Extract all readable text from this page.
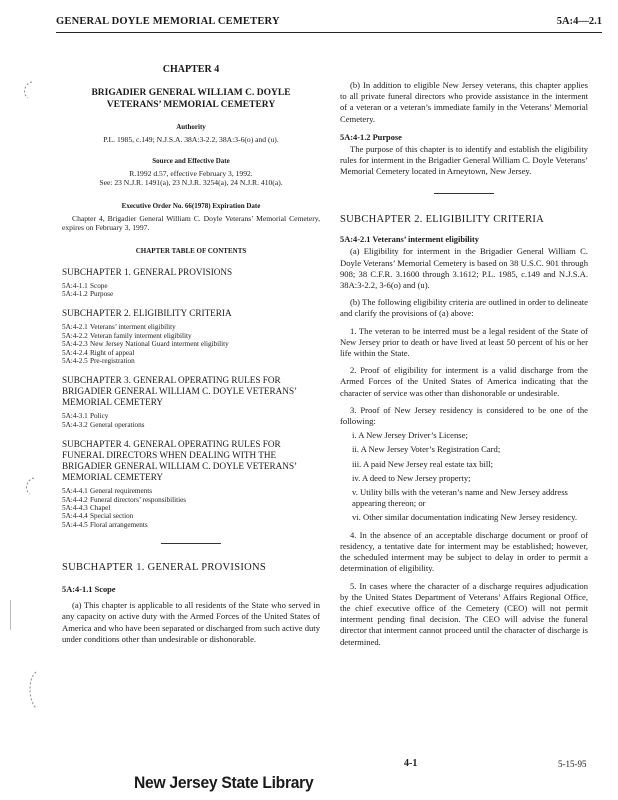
GENERAL DOYLE MEMORIAL CEMETERY	5A:4—2.1
CHAPTER 4
BRIGADIER GENERAL WILLIAM C. DOYLE
VETERANS’ MEMORIAL CEMETERY
Authority
P.L. 1985, c.149; N.J.S.A. 38A:3-2.2, 38A:3-6(o) and (u).
Source and Effective Date
R.1992 d.57, effective February 3, 1992.
See: 23 N.J.R. 1491(a), 23 N.J.R. 3254(a), 24 N.J.R. 410(a).
Executive Order No. 66(1978) Expiration Date
Chapter 4, Brigadier General William C. Doyle Veterans’ Memorial Cemetery, expires on February 3, 1997.
CHAPTER TABLE OF CONTENTS
SUBCHAPTER 1. GENERAL PROVISIONS
5A:4-1.1 Scope
5A:4-1.2 Purpose
SUBCHAPTER 2. ELIGIBILITY CRITERIA
5A:4-2.1 Veterans’ interment eligibility
5A:4-2.2 Veteran family interment eligibility
5A:4-2.3 New Jersey National Guard interment eligibility
5A:4-2.4 Right of appeal
5A:4-2.5 Pre-registration
SUBCHAPTER 3. GENERAL OPERATING RULES FOR BRIGADIER GENERAL WILLIAM C. DOYLE VETERANS’ MEMORIAL CEMETERY
5A:4-3.1 Policy
5A:4-3.2 General operations
SUBCHAPTER 4. GENERAL OPERATING RULES FOR FUNERAL DIRECTORS WHEN DEALING WITH THE BRIGADIER GENERAL WILLIAM C. DOYLE VETERANS’ MEMORIAL CEMETERY
5A:4-4.1 General requirements
5A:4-4.2 Funeral directors’ responsibilities
5A:4-4.3 Chapel
5A:4-4.4 Special section
5A:4-4.5 Floral arrangements
SUBCHAPTER 1. GENERAL PROVISIONS
5A:4-1.1 Scope

(a) This chapter is applicable to all residents of the State who served in any capacity on active duty with the Armed Forces of the United States of America and who have been separated or discharged from such active duty under conditions other than undesirable or dishonorable.

(b) In addition to eligible New Jersey veterans, this chapter applies to all private funeral directors who provide assistance in the interment of a veteran or a veteran’s immediate family in the Veterans’ Memorial Cemetery.

5A:4-1.2 Purpose

The purpose of this chapter is to identify and establish the eligibility rules for interment in the Brigadier General William C. Doyle Veterans’ Memorial Cemetery located in Arneytown, New Jersey.

SUBCHAPTER 2. ELIGIBILITY CRITERIA
5A:4-2.1 Veterans’ interment eligibility

(a) Eligibility for interment in the Brigadier General William C. Doyle Veterans’ Memorial Cemetery is based on 38 U.S.C. 901 through 908; 38 C.F.R. 3.1600 through 3.1612; P.L. 1985, c.149 and N.J.S.A. 38A:3-2.2, 3-6(o) and (u).

(b) The following eligibility criteria are outlined in order to delineate and clarify the provisions of (a) above:

1. The veteran to be interred must be a legal resident of the State of New Jersey prior to death or have lived at least 50 percent of his or her life within the State.

2. Proof of eligibility for interment is a valid discharge from the Armed Forces of the United States of America indicating that the character of service was other than dishonorable or undesirable.

3. Proof of New Jersey residency is considered to be one of the following:

i. A New Jersey Driver’s License;
ii. A New Jersey Voter’s Registration Card;
iii. A paid New Jersey real estate tax bill;
iv. A deed to New Jersey property;
v. Utility bills with the veteran’s name and New Jersey address appearing thereon; or
vi. Other similar documentation indicating New Jersey residency.

4. In the absence of an acceptable discharge document or proof of residency, a tentative date for interment may be established; however, the scheduled interment may be subject to delay in order to permit a determination of eligibility.

5. In cases where the character of a discharge requires adjudication by the United States Department of Veterans’ Affairs Regional Office, the chief executive office of the Cemetery (CEO) will not permit interment pending final decision. The CEO will advise the funeral director that interment cannot proceed until the character of discharge is determined.

4-1	5-15-95
New Jersey State Library
